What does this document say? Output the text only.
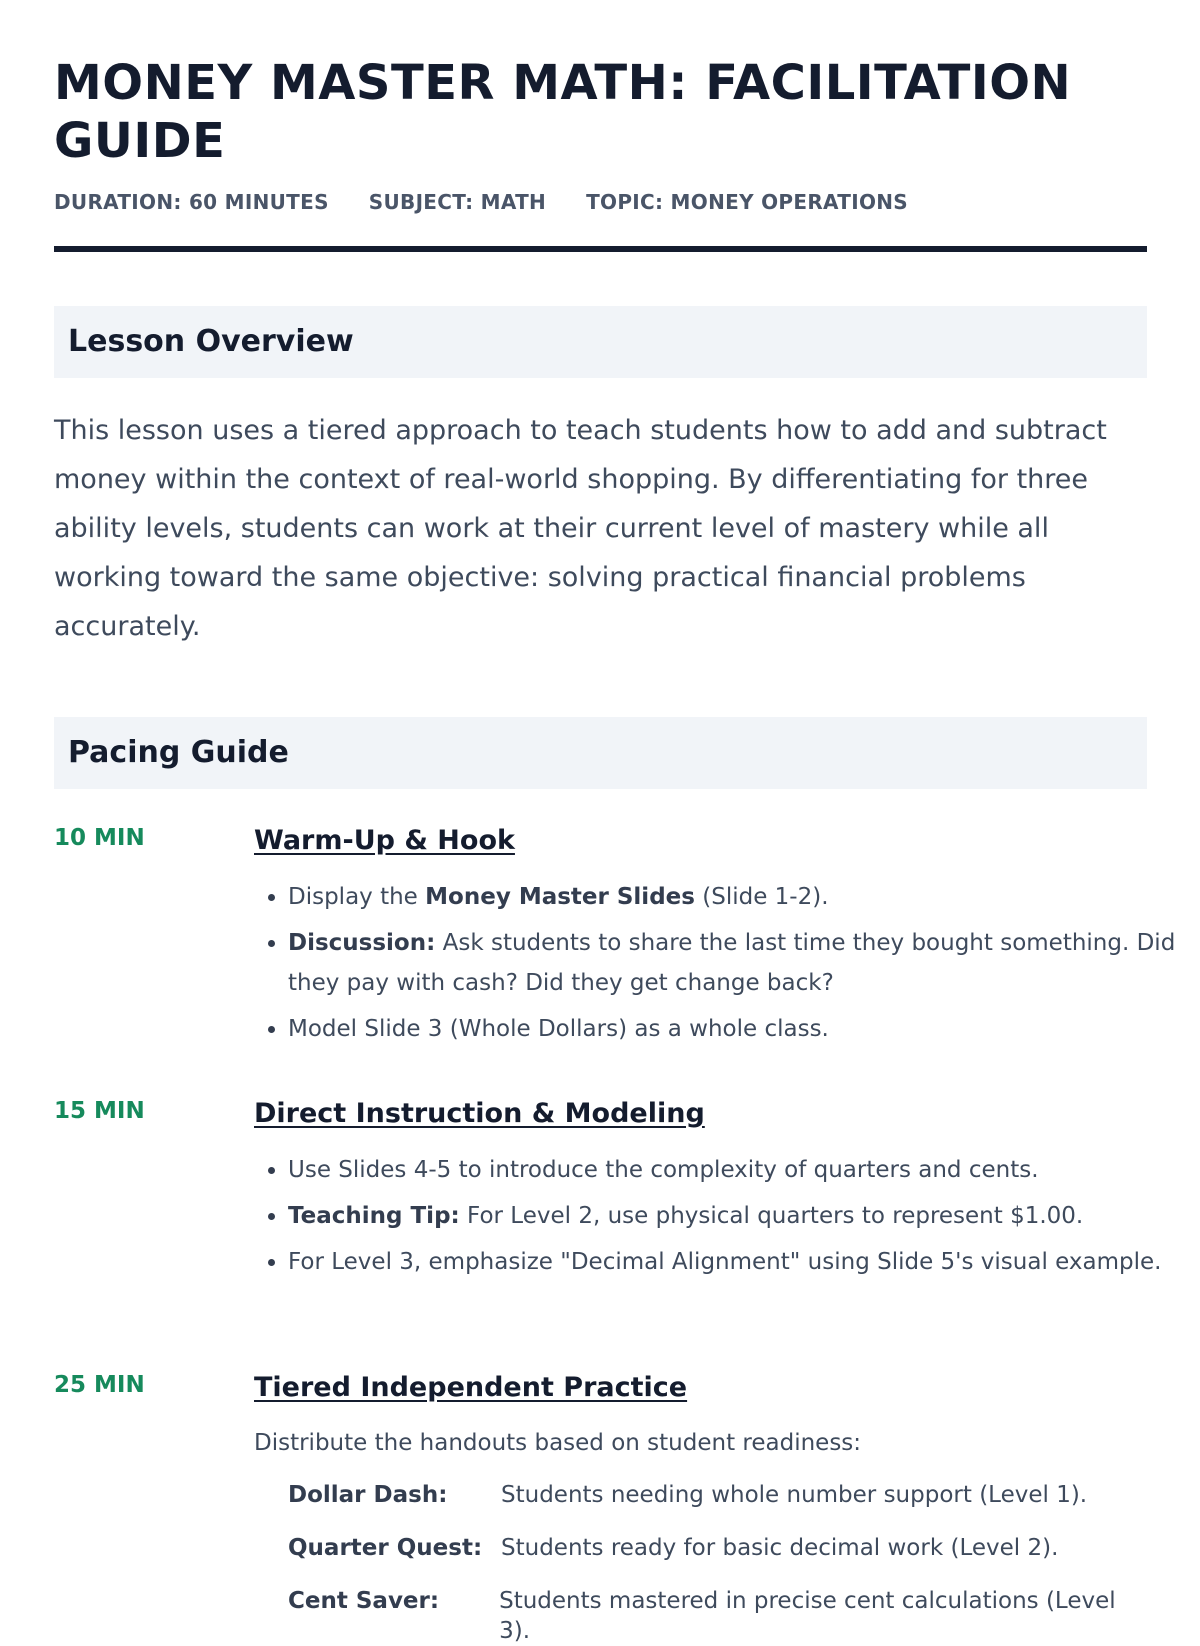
MONEY MASTER MATH: FACILITATION GUIDE
DURATION: 60 MINUTES SUBJECT: MATH TOPIC: MONEY OPERATIONS
Lesson Overview

This lesson uses a tiered approach to teach students how to add and subtract money within the context of real-world shopping. By differentiating for three ability levels, students can work at their current level of mastery while all working toward the same objective: solving practical financial problems accurately.

Pacing Guide
10 MIN	Warm-Up & Hook
• Display the Money Master Slides (Slide 1-2).
• Discussion: Ask students to share the last time they bought something. Did they pay with cash? Did they get change back?
• Model Slide 3 (Whole Dollars) as a whole class.
15 MIN	Direct Instruction & Modeling
• Use Slides 4-5 to introduce the complexity of quarters and cents.
• Teaching Tip: For Level 2, use physical quarters to represent $1.00.
• For Level 3, emphasize "Decimal Alignment" using Slide 5's visual example.
25 MIN	Tiered Independent Practice
Distribute the handouts based on student readiness:
Dollar Dash:	Students needing whole number support (Level 1).
Quarter Quest: Students ready for basic decimal work (Level 2).
Cent Saver:	Students mastered in precise cent calculations (Level 3).
